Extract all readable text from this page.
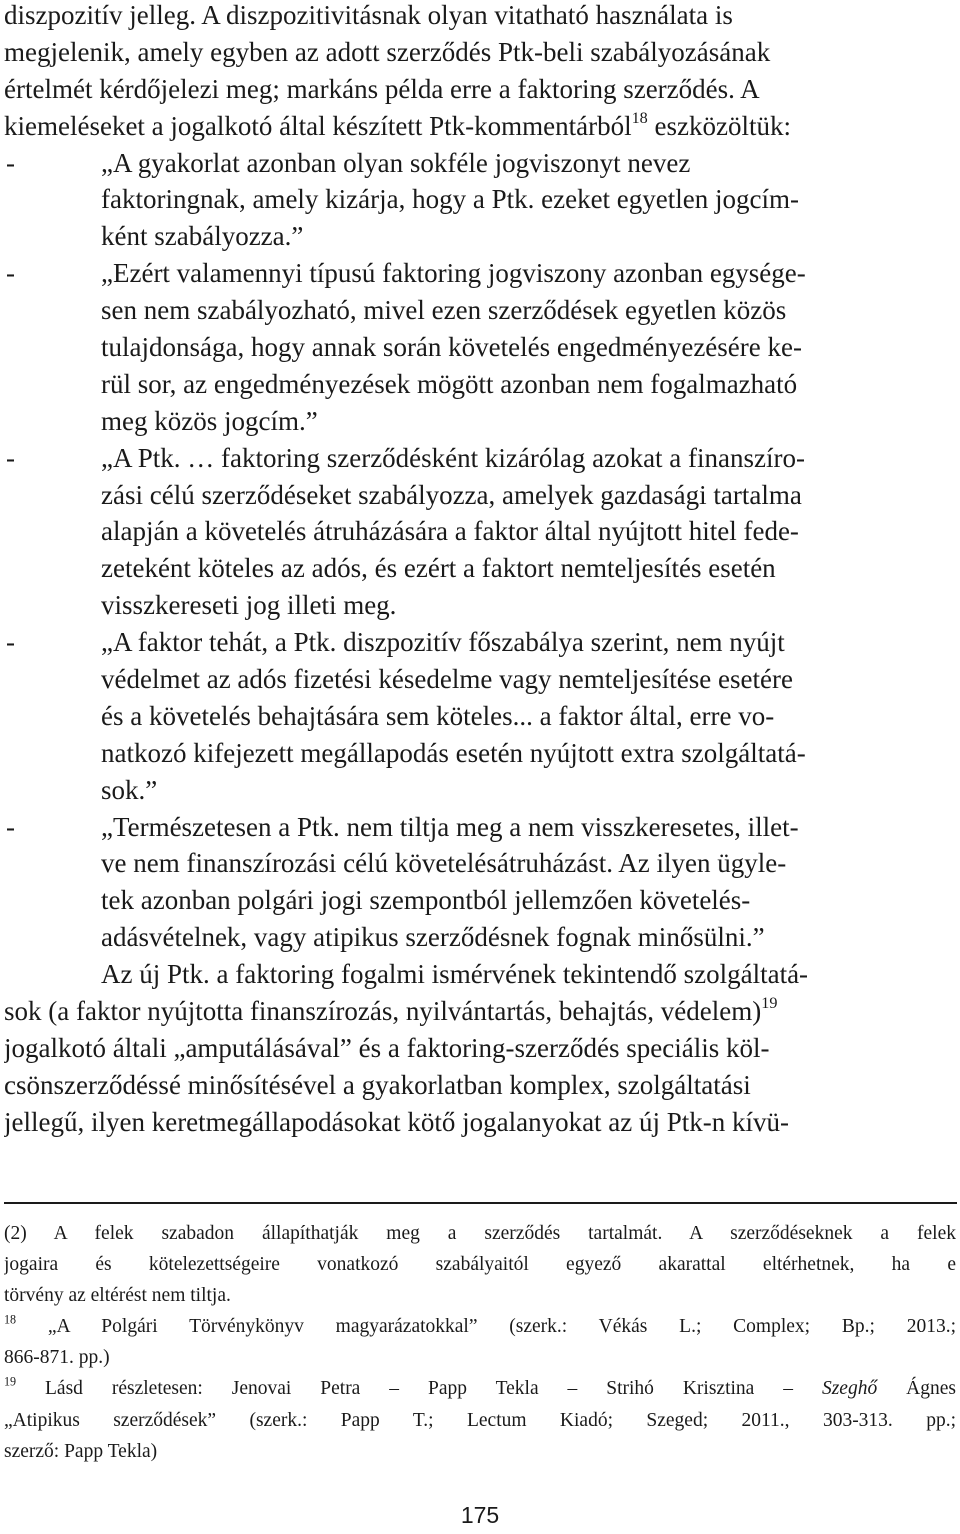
diszpozitív jelleg. A diszpozitivitásnak olyan vitatható használata is
megjelenik, amely egyben az adott szerződés Ptk-beli szabályozásának
értelmét kérdőjelezi meg; markáns példa erre a faktoring szerződés. A
kiemeléseket a jogalkotó által készített Ptk-kommentárból$^{18}$ eszközöltük:
-	„A gyakorlat azonban olyan sokféle jogviszonyt nevez
faktoringnak, amely kizárja, hogy a Ptk. ezeket egyetlen jogcím-
ként szabályozza.”
-	„Ezért valamennyi típusú faktoring jogviszony azonban egysége-
sen nem szabályozható, mivel ezen szerződések egyetlen közös
tulajdonsága, hogy annak során követelés engedményezésére ke-
rül sor, az engedményezések mögött azonban nem fogalmazható
meg közös jogcím.”
-	„A Ptk. … faktoring szerződésként kizárólag azokat a finanszíro-
zási célú szerződéseket szabályozza, amelyek gazdasági tartalma
alapján a követelés átruházására a faktor által nyújtott hitel fede-
zeteként köteles az adós, és ezért a faktort nemteljesítés esetén
visszkereseti jog illeti meg.
-	„A faktor tehát, a Ptk. diszpozitív főszabálya szerint, nem nyújt
védelmet az adós fizetési késedelme vagy nemteljesítése esetére
és a követelés behajtására sem köteles... a faktor által, erre vo-
natkozó kifejezett megállapodás esetén nyújtott extra szolgáltatá-
sok.”
-	„Természetesen a Ptk. nem tiltja meg a nem visszkeresetes, illet-
ve nem finanszírozási célú követelésátruházást. Az ilyen ügyle-
tek azonban polgári jogi szempontból jellemzően követelés-
adásvételnek, vagy atipikus szerződésnek fognak minősülni.”
Az új Ptk. a faktoring fogalmi ismérvének tekintendő szolgáltatá-
sok (a faktor nyújtotta finanszírozás, nyilvántartás, behajtás, védelem)$^{19}$
jogalkotó általi „amputálásával” és a faktoring-szerződés speciális köl-
csönszerződéssé minősítésével a gyakorlatban komplex, szolgáltatási
jellegű, ilyen keretmegállapodásokat kötő jogalanyokat az új Ptk-n kívü-
(2) A felek szabadon állapíthatják meg a szerződés tartalmát. A szerződéseknek a felek
jogaira és kötelezettségeire vonatkozó szabályaitól egyező akarattal eltérhetnek, ha e
törvény az eltérést nem tiltja.
$^{18}$ „A Polgári Törvénykönyv magyarázatokkal” (szerk.: Vékás L.; Complex; Bp.; 2013.;
866-871. pp.)
$^{19}$ Lásd részletesen: Jenovai Petra – Papp Tekla – Strihó Krisztina – Szeghő Ágnes
„Atipikus szerződések” (szerk.: Papp T.; Lectum Kiadó; Szeged; 2011., 303-313. pp.;
szerző: Papp Tekla)
175
